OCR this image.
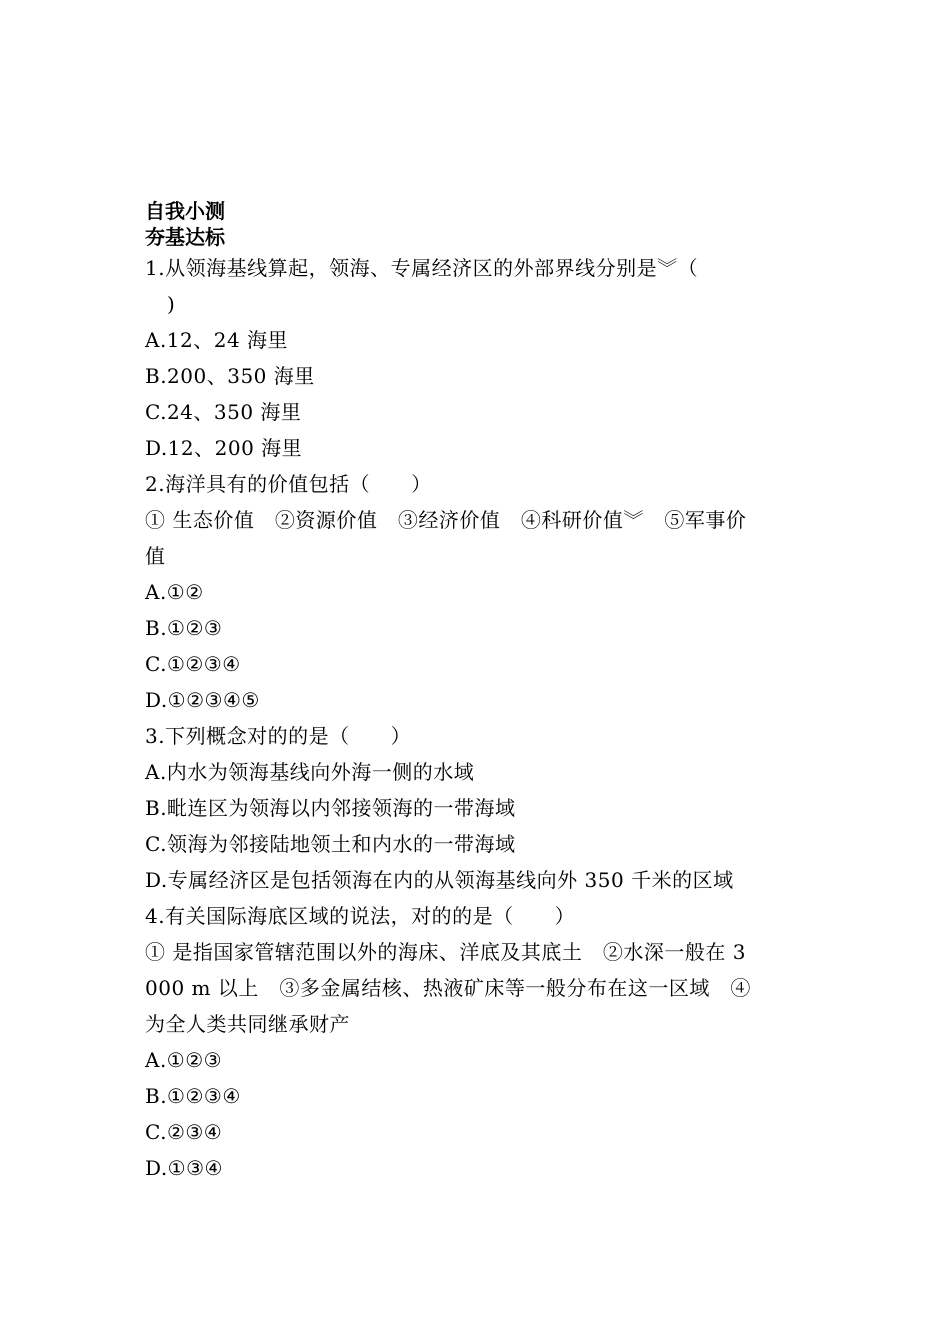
自我小测
夯基达标

1.从领海基线算起，领海、专属经济区的外部界线分别是︾（

)

A.12、24 海里

B.200、350 海里

C.24、350 海里

D.12、200 海里

2.海洋具有的价值包括（　　）

① 生态价值　②资源价值　③经济价值　④科研价值︾　⑤军事价

值

A.①②

B.①②③

C.①②③④

D.①②③④⑤

3.下列概念对的的是（　　）

A.内水为领海基线向外海一侧的水域

B.毗连区为领海以内邻接领海的一带海域

C.领海为邻接陆地领土和内水的一带海域

D.专属经济区是包括领海在内的从领海基线向外 350 千米的区域

4.有关国际海底区域的说法，对的的是（　　）

① 是指国家管辖范围以外的海床、洋底及其底土　②水深一般在 3

000 m 以上　③多金属结核、热液矿床等一般分布在这一区域　④

为全人类共同继承财产

A.①②③

B.①②③④

C.②③④

D.①③④
